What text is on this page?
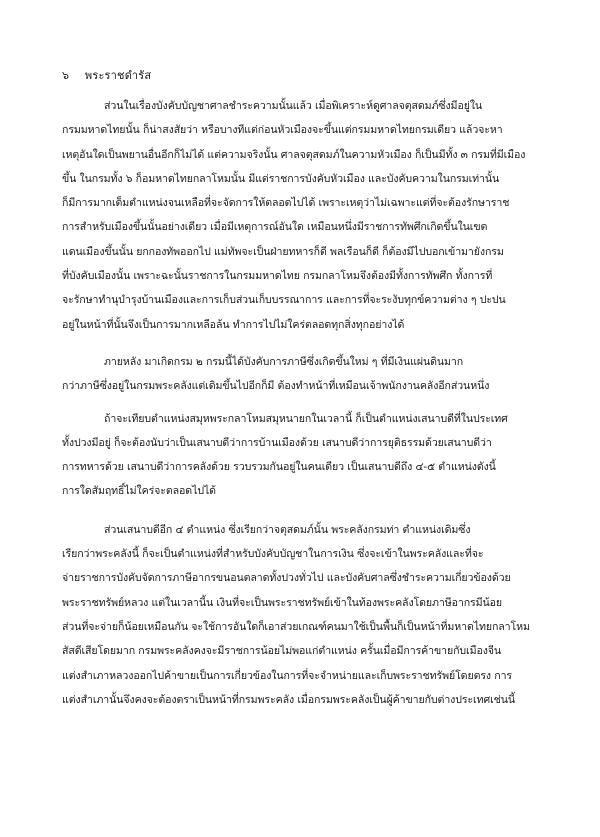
๖ พระราชดำรัส
ส่วนในเรื่องบังคับบัญชาศาลชำระความนั้นแล้ว เมื่อพิเคราะห์ดูศาลจตุสดมภ์ซึ่งมีอยู่ใน
กรมมหาดไทยนั้น ก็น่าสงสัยว่า หรือบางทีแต่ก่อนหัวเมืองจะขึ้นแต่กรมมหาดไทยกรมเดียว แล้วจะหา
เหตุอันใดเป็นพยานอื่นอีกก็ไม่ได้ แต่ความจริงนั้น ศาลจตุสดมภ์ในความหัวเมือง ก็เป็นมีทั้ง ๓ กรมที่มีเมือง
ขึ้น ในกรมทั้ง ๖ ก็อมหาดไทยกลาโหมนั้น มีแต่ราชการบังคับหัวเมือง และบังคับความในกรมเท่านั้น
ก็มีการมากเต็มตำแหน่งจนเหลือที่จะจัดการให้ตลอดไปได้ เพราะเหตุว่าไม่เฉพาะแต่ที่จะต้องรักษาราช
การสำหรับเมืองขึ้นนั้นอย่างเดียว เมื่อมีเหตุการณ์อันใด เหมือนหนึ่งมีราชการทัพศึกเกิดขึ้นในเขต
แดนเมืองขึ้นนั้น ยกกองทัพออกไป แม่ทัพจะเป็นฝ่ายทหารก็ดี พลเรือนก็ดี ก็ต้องมีไปบอกเข้ามายังกรม
ที่บังคับเมืองนั้น เพราะฉะนั้นราชการในกรมมหาดไทย กรมกลาโหมจึงต้องมีทั้งการทัพศึก ทั้งการที่
จะรักษาทำนุบำรุงบ้านเมืองและการเก็บส่วนเก็บบรรณาการ และการที่จะระงับทุกข์ความต่าง ๆ ปะปน
อยู่ในหน้าที่นั้นจึงเป็นการมากเหลือล้น ทำการไปไม่ใคร่ตลอดทุกสิ่งทุกอย่างได้
ภายหลัง มาเกิดกรม ๒ กรมนี้ได้บังคับการภาษีซึ่งเกิดขึ้นใหม่ ๆ ที่มีเงินแผ่นดินมาก
กว่าภาษีซึ่งอยู่ในกรมพระคลังแต่เดิมขึ้นไปอีกก็มี ต้องทำหน้าที่เหมือนเจ้าพนักงานคลังอีกส่วนหนึ่ง
ถ้าจะเทียบตำแหน่งสมุหพระกลาโหมสมุหนายกในเวลานี้ ก็เป็นตำแหน่งเสนาบดีที่ในประเทศ
ทั้งปวงมีอยู่ ก็จะต้องนับว่าเป็นเสนาบดีว่าการบ้านเมืองด้วย เสนาบดีว่าการยุติธรรมด้วยเสนาบดีว่า
การทหารด้วย เสนาบดีว่าการคลังด้วย รวบรวมกันอยู่ในคนเดียว เป็นเสนาบดีถึง ๔-๕ ตำแหน่งดังนี้
การใดสัมฤทธิ์ไม่ใคร่จะตลอดไปได้
ส่วนเสนาบดีอีก ๔ ตำแหน่ง ซึ่งเรียกว่าจตุสดมภ์นั้น พระคลังกรมท่า ตำแหน่งเดิมซึ่ง
เรียกว่าพระคลังนี้ ก็จะเป็นตำแหน่งที่สำหรับบังคับบัญชาในการเงิน ซึ่งจะเข้าในพระคลังและที่จะ
จ่ายราชการบังคับจัดการภาษีอากรขนอนตลาดทั้งปวงทั่วไป และบังคับศาลซึ่งชำระความเกี่ยวข้องด้วย
พระราชทรัพย์หลวง แต่ในเวลานี้น เงินที่จะเป็นพระราชทรัพย์เข้าในท้องพระคลังโดยภาษีอากรมีน้อย
ส่วนที่จะจ่ายก็น้อยเหมือนกัน จะใช้การอันใดก็เอาส่วยเกณฑ์คนมาใช้เป็นพื้นก็เป็นหน้าที่มหาดไทยกลาโหม
สัสดีเสียโดยมาก กรมพระคลังคงจะมีราชการน้อยไม่พอแก่ตำแหน่ง ครั้นเมื่อมีการค้าขายกับเมืองจีน
แต่งสำเภาหลวงออกไปค้าขายเป็นการเกี่ยวข้องในการที่จะจำหน่ายและเก็บพระราชทรัพย์โดยตรง การ
แต่งสำเภานั้นจึงคงจะต้องตราเป็นหน้าที่กรมพระคลัง เมื่อกรมพระคลังเป็นผู้ค้าขายกับต่างประเทศเช่นนี้
